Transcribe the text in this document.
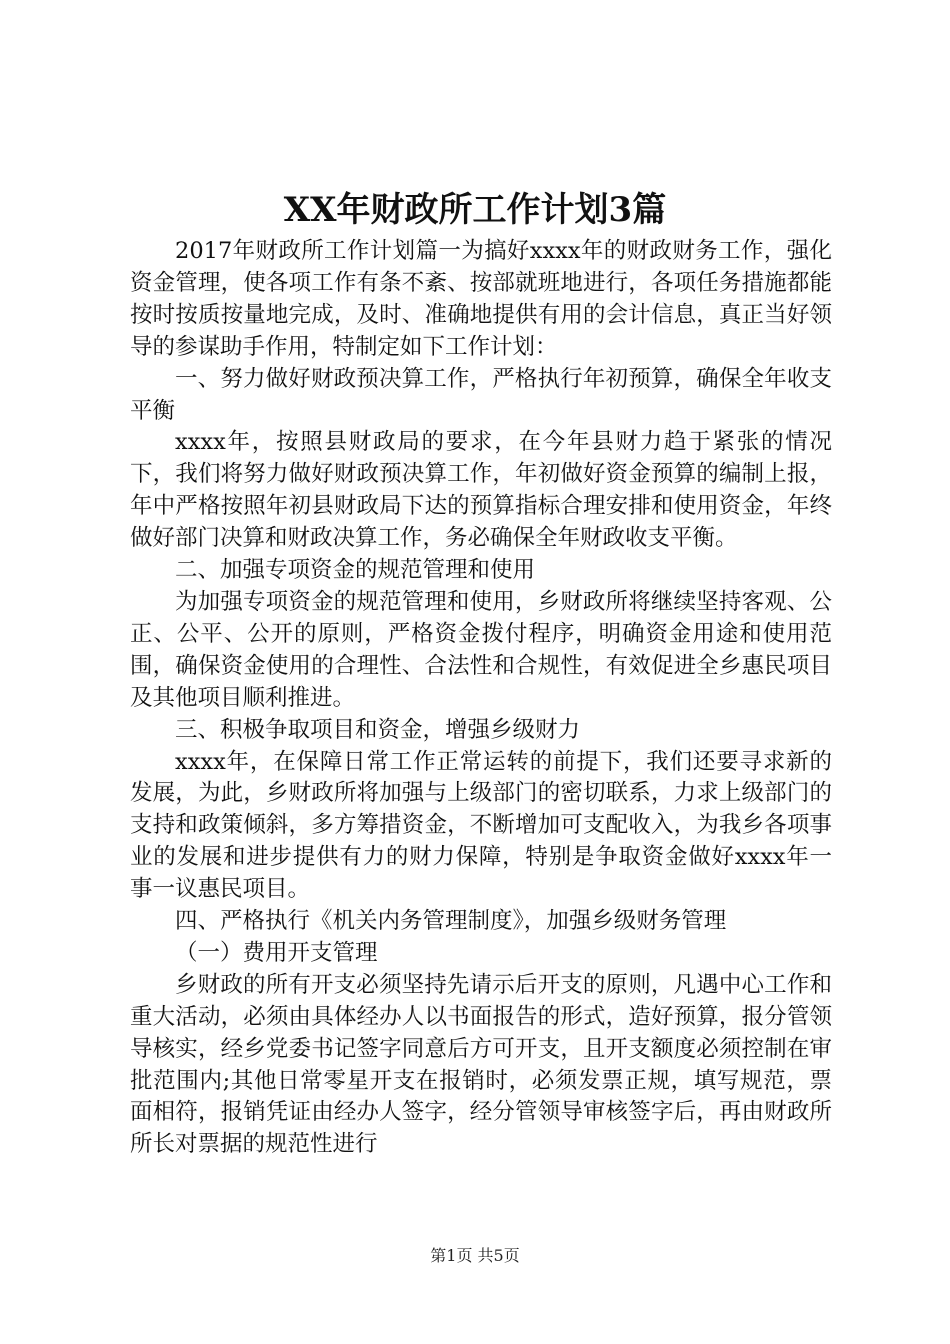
XX年财政所工作计划3篇

2017年财政所工作计划篇一为搞好xxxx年的财政财务工作，强化资金管理，使各项工作有条不紊、按部就班地进行，各项任务措施都能按时按质按量地完成，及时、准确地提供有用的会计信息，真正当好领导的参谋助手作用，特制定如下工作计划：

一、努力做好财政预决算工作，严格执行年初预算，确保全年收支平衡

xxxx年，按照县财政局的要求，在今年县财力趋于紧张的情况下，我们将努力做好财政预决算工作，年初做好资金预算的编制上报，年中严格按照年初县财政局下达的预算指标合理安排和使用资金，年终做好部门决算和财政决算工作，务必确保全年财政收支平衡。

二、加强专项资金的规范管理和使用

为加强专项资金的规范管理和使用，乡财政所将继续坚持客观、公正、公平、公开的原则，严格资金拨付程序，明确资金用途和使用范围，确保资金使用的合理性、合法性和合规性，有效促进全乡惠民项目及其他项目顺利推进。

三、积极争取项目和资金，增强乡级财力

xxxx年，在保障日常工作正常运转的前提下，我们还要寻求新的发展，为此，乡财政所将加强与上级部门的密切联系，力求上级部门的支持和政策倾斜，多方筹措资金，不断增加可支配收入，为我乡各项事业的发展和进步提供有力的财力保障，特别是争取资金做好xxxx年一事一议惠民项目。

四、严格执行《机关内务管理制度》，加强乡级财务管理

（一）费用开支管理

乡财政的所有开支必须坚持先请示后开支的原则，凡遇中心工作和重大活动，必须由具体经办人以书面报告的形式，造好预算，报分管领导核实，经乡党委书记签字同意后方可开支，且开支额度必须控制在审批范围内;其他日常零星开支在报销时，必须发票正规，填写规范，票面相符，报销凭证由经办人签字，经分管领导审核签字后，再由财政所所长对票据的规范性进行

第1页 共5页
